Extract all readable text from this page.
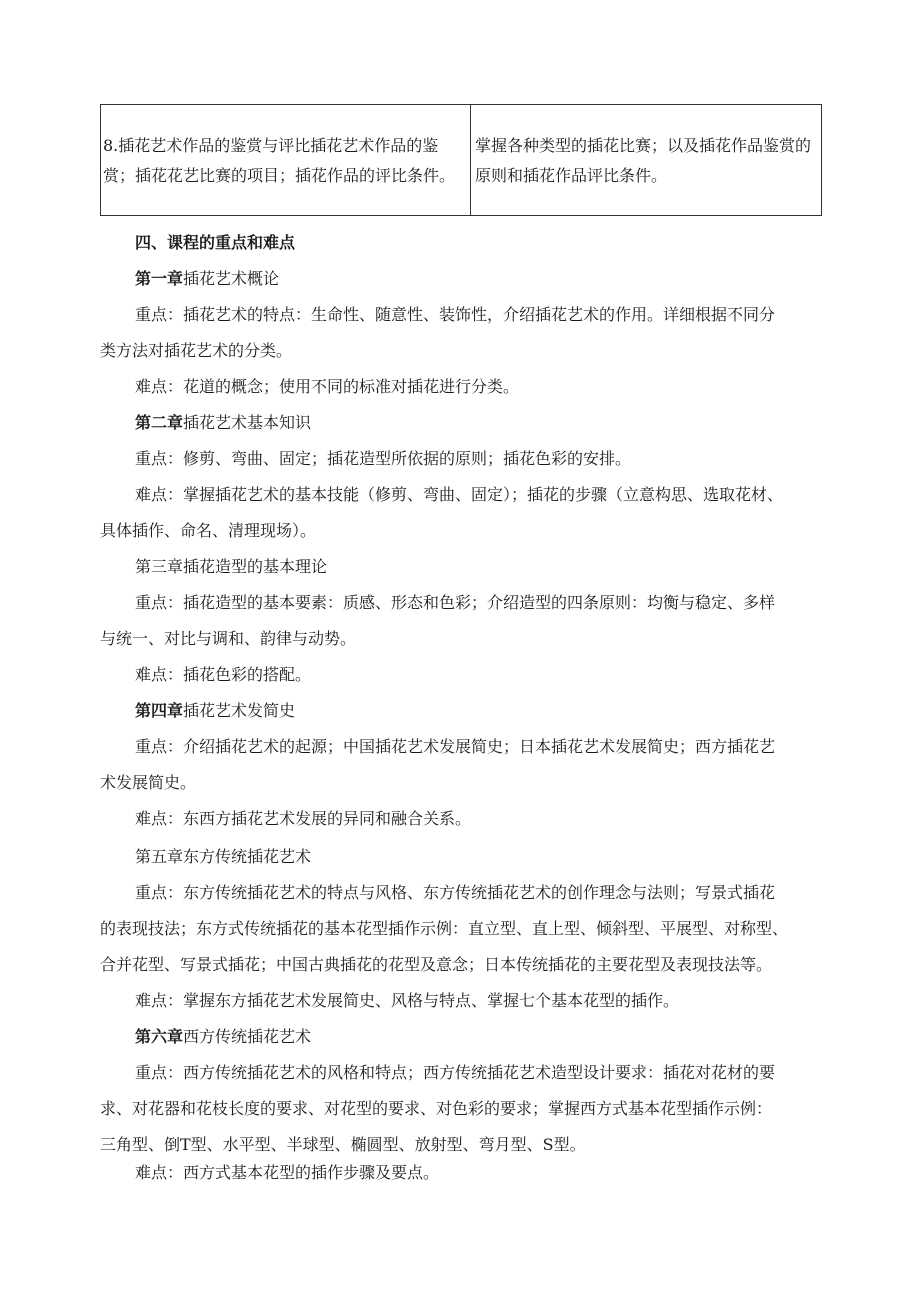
8.插花艺术作品的鉴赏与评比插花艺术作品的鉴赏；插花花艺比赛的项目；插花作品的评比条件。	掌握各种类型的插花比赛；以及插花作品鉴赏的原则和插花作品评比条件。
四、课程的重点和难点
第一章插花艺术概论
重点：插花艺术的特点：生命性、随意性、装饰性，介绍插花艺术的作用。详细根据不同分
类方法对插花艺术的分类。
难点：花道的概念；使用不同的标准对插花进行分类。
第二章插花艺术基本知识
重点：修剪、弯曲、固定；插花造型所依据的原则；插花色彩的安排。
难点：掌握插花艺术的基本技能（修剪、弯曲、固定）；插花的步骤（立意构思、选取花材、
具体插作、命名、清理现场）。
第三章插花造型的基本理论
重点：插花造型的基本要素：质感、形态和色彩；介绍造型的四条原则：均衡与稳定、多样
与统一、对比与调和、韵律与动势。
难点：插花色彩的搭配。
第四章插花艺术发简史
重点：介绍插花艺术的起源；中国插花艺术发展简史；日本插花艺术发展简史；西方插花艺
术发展简史。
难点：东西方插花艺术发展的异同和融合关系。
第五章东方传统插花艺术
重点：东方传统插花艺术的特点与风格、东方传统插花艺术的创作理念与法则；写景式插花
的表现技法；东方式传统插花的基本花型插作示例：直立型、直上型、倾斜型、平展型、对称型、
合并花型、写景式插花；中国古典插花的花型及意念；日本传统插花的主要花型及表现技法等。
难点：掌握东方插花艺术发展简史、风格与特点、掌握七个基本花型的插作。
第六章西方传统插花艺术
重点：西方传统插花艺术的风格和特点；西方传统插花艺术造型设计要求：插花对花材的要
求、对花器和花枝长度的要求、对花型的要求、对色彩的要求；掌握西方式基本花型插作示例：
三角型、倒T型、水平型、半球型、椭圆型、放射型、弯月型、S型。
难点：西方式基本花型的插作步骤及要点。
